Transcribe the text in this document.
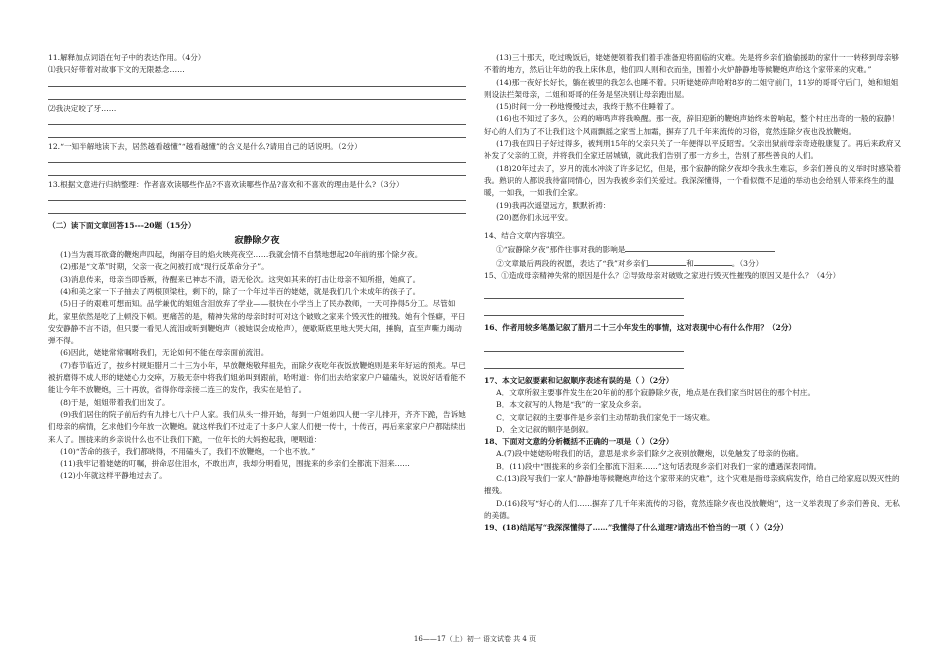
11.解释加点词语在句子中的表达作用。（4分）

⑴我只好带着对故事下文的无限悬念……

⑵我决定咬了牙……

12.“一知半解地读下去，居然越看越懂”“越看越懂”的含义是什么?请用自己的话说明。（2分）

13.根据文意进行归纳整理：作者喜欢读哪些作品?不喜欢读哪些作品?喜欢和不喜欢的理由是什么?（3分）

（二）读下面文章回答15---20题（15分）

寂静除夕夜

(1)当为震耳欲聋的鞭炮声四起，绚丽夺目的焰火映亮夜空……我就会情不自禁地想起20年前的那个除夕夜。

(2)那是“文革”时期，父亲一夜之间被打成“现行反革命分子”。

(3)消息传来，母亲当即昏厥，待醒来已神志不清，语无伦次。这突如其来的打击让母亲不知所措，她疯了。

(4)和美之家一下子抽去了两根顶梁柱，剩下的，除了一个年过半百的姥姥，就是我们几个未成年的孩子了。

(5)日子的艰难可想而知。品学兼优的姐姐含泪放弃了学业——很快在小学当上了民办教师，一天可挣得5分工。尽管如此，家里依然是吃了上顿没下顿。更痛苦的是，精神失常的母亲时时可对这个破败之家来个毁灭性的摧残。她有个怪癖，平日安安静静不言不语，但只要一看见人流泪或听到鞭炮声（被她误会成枪声），便歇斯底里地大哭大闹，捶胸，直至声嘶力竭动弹不得。

(6)因此，姥姥常常嘱咐我们，无论如何不能在母亲面前流泪。

(7)春节临近了，按乡村规矩腊月二十三为小年，早放鞭炮敬拜祖先，而除夕夜吃年夜饭放鞭炮则是来年好运的预兆。早已被折磨得不成人形的姥姥心力交瘁，万般无奈中将我们姐弟叫到跟前，哈咐道：你们出去给家家户户磕磕头，说说好话看能不能让今年不放鞭炮，三十再放，省得你母亲接二连三的发作，我实在是怕了。

(8)于是，姐姐带着我们出发了。

(9)我们居住的院子前后约有九排七八十户人家。我们从头一排开始，每到一户姐弟四人便一字儿排开，齐齐下跪，告诉她们母亲的病情，乞求他们今年放一次鞭炮。就这样我们不过走了十多户人家人们便一传十，十传百，再后来家家户户都陆续出来人了。围拢来的乡亲说什么也不让我们下跪，一位年长的大妈抱起我，哽咽道：

(10)“苦命的孩子，我们都晓得，不用磕头了，我们不放鞭炮，一个也不放。”

(11)我牢记着姥姥的叮嘱，拼命忍住泪水，不敢出声，我却分明看见，围拢来的乡亲们全都流下泪来……

(12)小年就这样平静地过去了。

(13)三十那天，吃过晚饭后，姥姥便领着我们着手准备迎将面临的灾难。先是将乡亲们偷偷援助的家什一一转移到母亲够不着的地方，然后让年幼的我上床休息，他们四人则和衣而坐，围着小火炉静静地等候鞭炮声给这个家带来的灾难。”

(14)那一夜好长好长，躺在被里的我怎么也睡不着。只听姥姥碎声哈咐8岁的二姐守前门，11岁的哥哥守后门，她和姐姐则设法拦架母亲，二姐和哥哥的任务是坚决别让母亲跑出屋。

(15)时间一分一秒地慢慢过去，我终于熬不住睡着了。

(16)也不知过了多久，公鸡的啼鸣声将我唤醒。那一夜，辞旧迎新的鞭炮声始终未曾响起，整个村庄出奇的一般的寂静！好心的人们为了不让我们这个风雨飘摇之家雪上加霜，摒弃了几千年来流传的习俗，竟然连除夕夜也没放鞭炮。

(17)我在四日子好过得多，被判刑15年的父亲只关了一年便得以平反昭雪。父亲出狱前母亲奇迹般康复了。再后来政府又补发了父亲的工资，并将我们全家迁居城镇，就此我们告别了那一方乡土，告别了那些善良的人们。

(18)20年过去了，岁月的流水冲淡了许多记忆，但是，那个寂静的除夕夜却令我永生难忘，乡亲们善良的义举时时感染着我。熟识的人都说我待富同情心，因为我被乡亲们关爱过。我深深懂得，一个看似微不足道的举动也会给别人带来终生的温暖，一如我，一如我们全家。

(19)我再次遥望远方，默默祈祷：

(20)愿你们永远平安。

14、结合文章内容填空。

①“寂静除夕夜”那件往事对我的影响是

②文章最后两段的祝愿，表达了“我”对乡亲们	和	。（3分）

15、①造成母亲精神失常的原因是什么？②导致母亲对破败之家进行毁灭性摧残的原因又是什么？（4分）

16、作者用较多笔墨记叙了腊月二十三小年发生的事情，这对表现中心有什么作用？（2分）

17、本文记叙要素和记叙顺序表述有误的是（ ）（2分）

A．文章所叙主要事件发生在20年前的那个寂静除夕夜，地点是在我们家当时居住的那个村庄。

B．本文叙写的人物是“我”的一家及众乡亲。

C．文章记叙的主要事件是乡亲们主动帮助我们家免于一场灾难。

D．全文记叙的顺序是倒叙。

18、下面对文意的分析概括不正确的一项是（ ）（2分）

A.(7)段中姥姥吩咐我们的话，意思是求乡亲们除夕之夜别放鞭炮，以免触发了母亲的伤痛。

B．(11)段中“围拢来的乡亲们全都流下泪来……”这句话表现乡亲们对我们一家的遭遇深表同情。

C.(13)段写我们一家人“静静地等候鞭炮声给这个家带来的灾难”，这个灾难是指母亲疯病发作，给自己给家庭以毁灭性的摧残。

D.(16)段写“好心的人们……摒弃了几千年来流传的习俗，竟然连除夕夜也没放鞭炮”，这一义举表现了乡亲们善良、无私的美德。

19、(18)结尾写“我深深懂得了……”我懂得了什么道理?请选出不恰当的一项（ ）（2分）

16——17（上）初一 语文试卷 共 4 页
